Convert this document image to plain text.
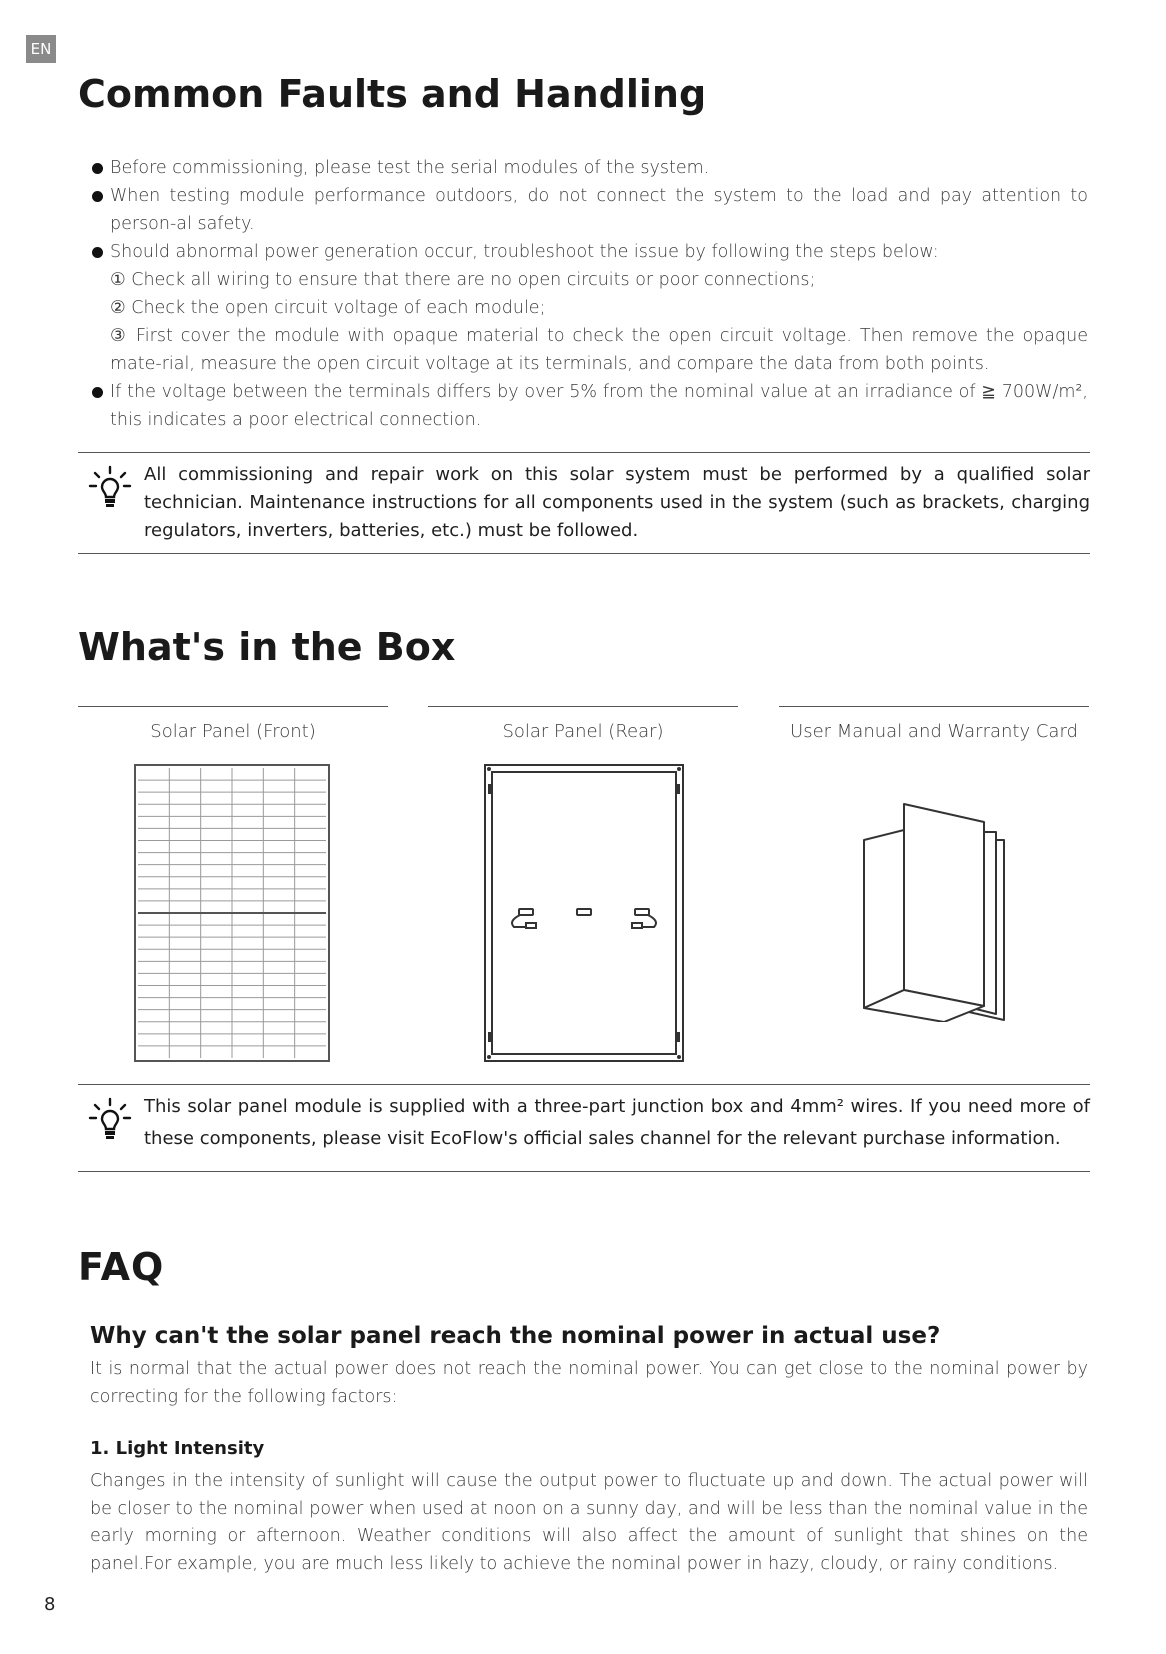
EN
Common Faults and Handling
Before commissioning, please test the serial modules of the system.
When testing module performance outdoors, do not connect the system to the load and pay attention to person-al safety.
Should abnormal power generation occur, troubleshoot the issue by following the steps below:
① Check all wiring to ensure that there are no open circuits or poor connections;
② Check the open circuit voltage of each module;
③ First cover the module with opaque material to check the open circuit voltage. Then remove the opaque mate-rial, measure the open circuit voltage at its terminals, and compare the data from both points.
If the voltage between the terminals differs by over 5% from the nominal value at an irradiance of ≧ 700W/m², this indicates a poor electrical connection.
All commissioning and repair work on this solar system must be performed by a qualified solar technician. Maintenance instructions for all components used in the system (such as brackets, charging regulators, inverters, batteries, etc.) must be followed.
What's in the Box
Solar Panel (Front)	Solar Panel (Rear)	User Manual and Warranty Card
This solar panel module is supplied with a three-part junction box and 4mm² wires. If you need more of these components, please visit EcoFlow's official sales channel for the relevant purchase information.
FAQ
Why can't the solar panel reach the nominal power in actual use?
It is normal that the actual power does not reach the nominal power. You can get close to the nominal power by correcting for the following factors:
1. Light Intensity
Changes in the intensity of sunlight will cause the output power to fluctuate up and down. The actual power will be closer to the nominal power when used at noon on a sunny day, and will be less than the nominal value in the early morning or afternoon. Weather conditions will also affect the amount of sunlight that shines on the panel.For example, you are much less likely to achieve the nominal power in hazy, cloudy, or rainy conditions.
8
